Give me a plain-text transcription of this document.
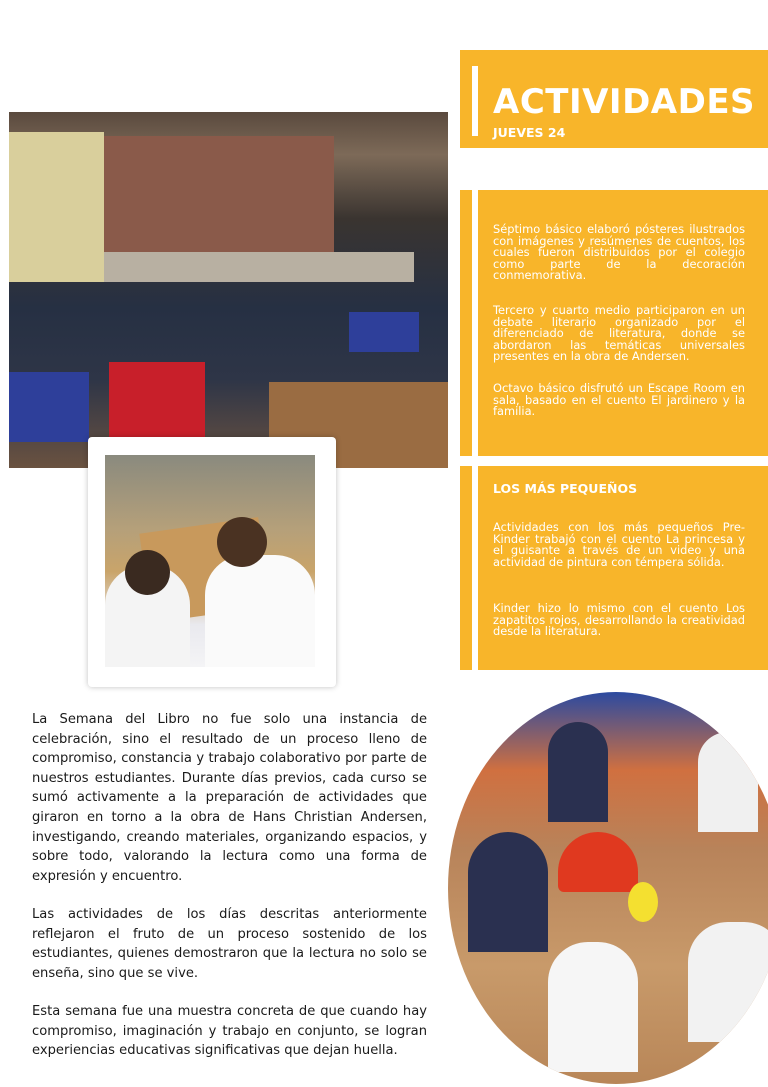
ACTIVIDADES

JUEVES 24

Séptimo básico elaboró pósteres ilustrados con imágenes y resúmenes de cuentos, los cuales fueron distribuidos por el colegio como parte de la decoración conmemorativa.

Tercero y cuarto medio participaron en un debate literario organizado por el diferenciado de literatura, donde se abordaron las temáticas universales presentes en la obra de Andersen.

Octavo básico disfrutó un Escape Room en sala, basado en el cuento El jardinero y la familia.

LOS MÁS PEQUEÑOS

Actividades con los más pequeños Pre-Kinder trabajó con el cuento La princesa y el guisante a través de un video y una actividad de pintura con témpera sólida.

Kinder hizo lo mismo con el cuento Los zapatitos rojos, desarrollando la creatividad desde la literatura.

La Semana del Libro no fue solo una instancia de celebración, sino el resultado de un proceso lleno de compromiso, constancia y trabajo colaborativo por parte de nuestros estudiantes. Durante días previos, cada curso se sumó activamente a la preparación de actividades que giraron en torno a la obra de Hans Christian Andersen, investigando, creando materiales, organizando espacios, y sobre todo, valorando la lectura como una forma de expresión y encuentro.

Las actividades de los días descritas anteriormente reflejaron el fruto de un proceso sostenido de los estudiantes, quienes demostraron que la lectura no solo se enseña, sino que se vive.

Esta semana fue una muestra concreta de que cuando hay compromiso, imaginación y trabajo en conjunto, se logran experiencias educativas significativas que dejan huella.
